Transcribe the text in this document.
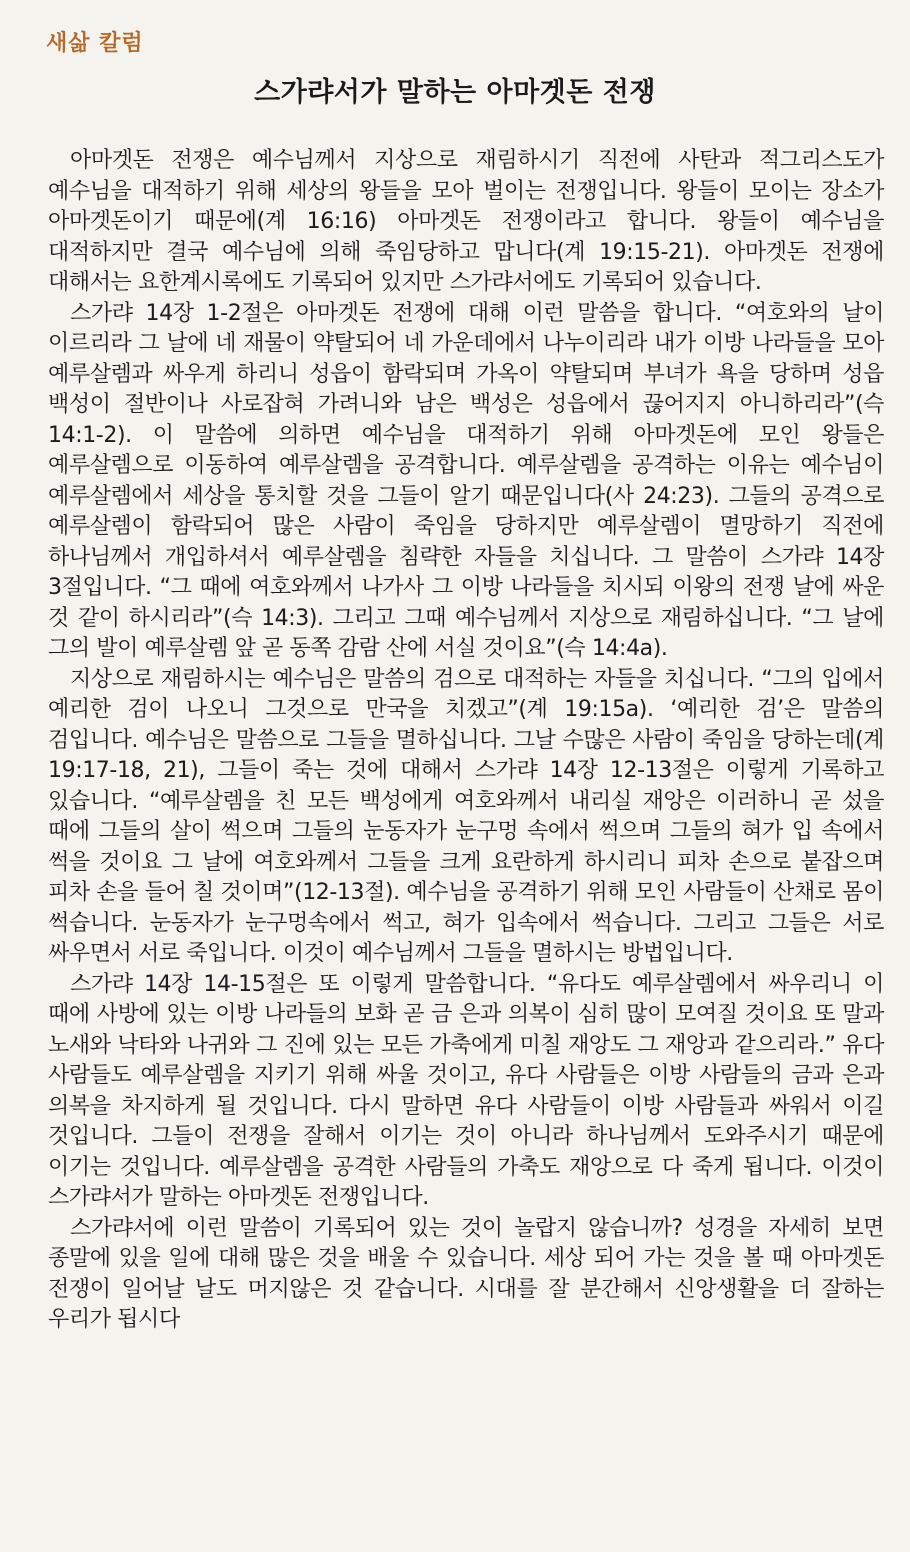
새삶 칼럼
스가랴서가 말하는 아마겟돈 전쟁

아마겟돈 전쟁은 예수님께서 지상으로 재림하시기 직전에 사탄과 적그리스도가 예수님을 대적하기 위해 세상의 왕들을 모아 벌이는 전쟁입니다. 왕들이 모이는 장소가 아마겟돈이기 때문에(계 16:16) 아마겟돈 전쟁이라고 합니다. 왕들이 예수님을 대적하지만 결국 예수님에 의해 죽임당하고 맙니다(계 19:15-21). 아마겟돈 전쟁에 대해서는 요한계시록에도 기록되어 있지만 스가랴서에도 기록되어 있습니다.

스가랴 14장 1-2절은 아마겟돈 전쟁에 대해 이런 말씀을 합니다. “여호와의 날이 이르리라 그 날에 네 재물이 약탈되어 네 가운데에서 나누이리라 내가 이방 나라들을 모아 예루살렘과 싸우게 하리니 성읍이 함락되며 가옥이 약탈되며 부녀가 욕을 당하며 성읍 백성이 절반이나 사로잡혀 가려니와 남은 백성은 성읍에서 끊어지지 아니하리라”(슥 14:1-2). 이 말씀에 의하면 예수님을 대적하기 위해 아마겟돈에 모인 왕들은 예루살렘으로 이동하여 예루살렘을 공격합니다. 예루살렘을 공격하는 이유는 예수님이 예루살렘에서 세상을 통치할 것을 그들이 알기 때문입니다(사 24:23). 그들의 공격으로 예루살렘이 함락되어 많은 사람이 죽임을 당하지만 예루살렘이 멸망하기 직전에 하나님께서 개입하셔서 예루살렘을 침략한 자들을 치십니다. 그 말씀이 스가랴 14장 3절입니다. “그 때에 여호와께서 나가사 그 이방 나라들을 치시되 이왕의 전쟁 날에 싸운 것 같이 하시리라”(슥 14:3). 그리고 그때 예수님께서 지상으로 재림하십니다. “그 날에 그의 발이 예루살렘 앞 곧 동쪽 감람 산에 서실 것이요”(슥 14:4a).

지상으로 재림하시는 예수님은 말씀의 검으로 대적하는 자들을 치십니다. “그의 입에서 예리한 검이 나오니 그것으로 만국을 치겠고”(계 19:15a). ‘예리한 검’은 말씀의 검입니다. 예수님은 말씀으로 그들을 멸하십니다. 그날 수많은 사람이 죽임을 당하는데(계 19:17-18, 21), 그들이 죽는 것에 대해서 스가랴 14장 12-13절은 이렇게 기록하고 있습니다. “예루살렘을 친 모든 백성에게 여호와께서 내리실 재앙은 이러하니 곧 섰을 때에 그들의 살이 썩으며 그들의 눈동자가 눈구멍 속에서 썩으며 그들의 혀가 입 속에서 썩을 것이요 그 날에 여호와께서 그들을 크게 요란하게 하시리니 피차 손으로 붙잡으며 피차 손을 들어 칠 것이며”(12-13절). 예수님을 공격하기 위해 모인 사람들이 산채로 몸이 썩습니다. 눈동자가 눈구멍속에서 썩고, 혀가 입속에서 썩습니다. 그리고 그들은 서로 싸우면서 서로 죽입니다. 이것이 예수님께서 그들을 멸하시는 방법입니다.

스가랴 14장 14-15절은 또 이렇게 말씀합니다. “유다도 예루살렘에서 싸우리니 이 때에 사방에 있는 이방 나라들의 보화 곧 금 은과 의복이 심히 많이 모여질 것이요 또 말과 노새와 낙타와 나귀와 그 진에 있는 모든 가축에게 미칠 재앙도 그 재앙과 같으리라.” 유다 사람들도 예루살렘을 지키기 위해 싸울 것이고, 유다 사람들은 이방 사람들의 금과 은과 의복을 차지하게 될 것입니다. 다시 말하면 유다 사람들이 이방 사람들과 싸워서 이길 것입니다. 그들이 전쟁을 잘해서 이기는 것이 아니라 하나님께서 도와주시기 때문에 이기는 것입니다. 예루살렘을 공격한 사람들의 가축도 재앙으로 다 죽게 됩니다. 이것이 스가랴서가 말하는 아마겟돈 전쟁입니다.

스가랴서에 이런 말씀이 기록되어 있는 것이 놀랍지 않습니까? 성경을 자세히 보면 종말에 있을 일에 대해 많은 것을 배울 수 있습니다. 세상 되어 가는 것을 볼 때 아마겟돈 전쟁이 일어날 날도 머지않은 것 같습니다. 시대를 잘 분간해서 신앙생활을 더 잘하는 우리가 됩시다
